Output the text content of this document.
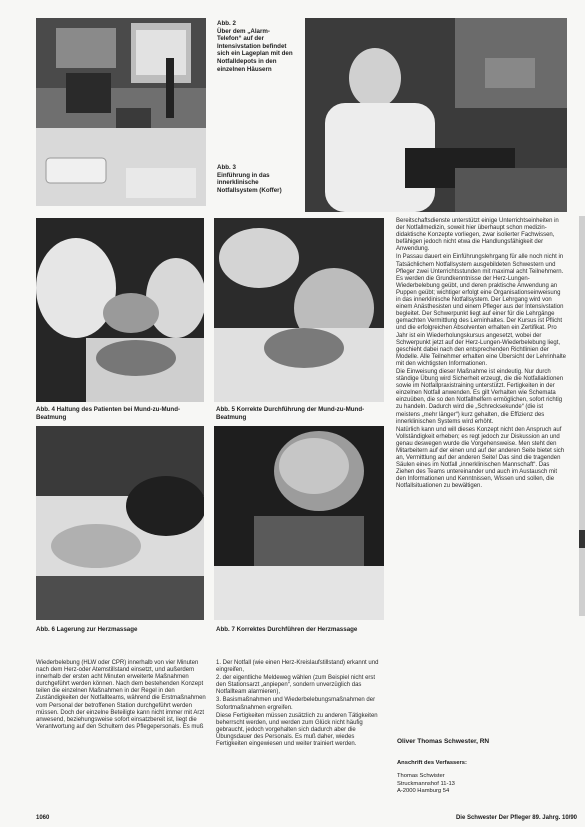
Abb. 2
Über dem „Alarm-Telefon“ auf der Intensivstation befindet sich ein Lageplan mit den Notfalldepots in den einzelnen Häusern
Abb. 3
Einführung in das innerklinische Notfallsystem (Koffer)
Abb. 4 Haltung des Patienten bei Mund-zu-Mund-Beatmung
Abb. 5 Korrekte Durchführung der Mund-zu-Mund-Beatmung
Abb. 6 Lagerung zur Herzmassage	Abb. 7 Korrektes Durchführen der Herzmassage

Bereitschaftsdienste unterstützt einige Unterrichtseinheiten in der Notfallmedizin, soweit hier überhaupt schon medizin-didaktische Konzepte vorliegen, zwar isolierter Fachwissen, befähigen jedoch nicht etwa die Handlungsfähigkeit der Anwendung.

In Passau dauert ein Einführungslehrgang für alle noch nicht in Tatsächlichem Notfallsystem ausgebildeten Schwestern und Pfleger zwei Unterrichtsstunden mit maximal acht Teilnehmern. Es werden die Grundkenntnisse der Herz-Lungen-Wiederbelebung geübt, und deren praktische Anwendung an Puppen geübt; wichtiger erfolgt eine Organisationseinweisung in das innerklinische Notfallsystem. Der Lehrgang wird von einem Anästhesisten und einem Pfleger aus der Intensivstation begleitet. Der Schwerpunkt liegt auf einer für die Lehrgänge gemachten Vermittlung des Lerninhaltes. Der Kursus ist Pflicht und die erfolgreichen Absolventen erhalten ein Zertifikat. Pro Jahr ist ein Wiederholungskursus angesetzt, wobei der Schwerpunkt jetzt auf der Herz-Lungen-Wiederbelebung liegt, geschieht dabei nach den entsprechenden Richtlinien der Modelle. Alle Teilnehmer erhalten eine Übersicht der Lehrinhalte mit den wichtigsten Informationen.

Die Einweisung dieser Maßnahme ist eindeutig. Nur durch ständige Übung wird Sicherheit erzeugt, die die Notfallaktionen sowie im Notfallpraxistraining unterstützt. Fertigkeiten in der einzelnen Notfall anwenden. Es gilt Verhalten wie Schemata einzuüben, die so den Notfallhelfern ermöglichen, sofort richtig zu handeln. Dadurch wird die „Schrecksekunde“ (die ist meistens „mehr länger“) kurz gehalten, die Effizienz des innerklinischen Systems wird erhöht.

Natürlich kann und will dieses Konzept nicht den Anspruch auf Vollständigkeit erheben; es regt jedoch zur Diskussion an und genau deswegen wurde die Vorgehensweise. Men steht den Mitarbeitern auf der einen und auf der anderen Seite bietet sich an, Vermittlung auf der anderen Seite! Das sind die tragenden Säulen eines im Notfall „innerklinischen Mannschaft“. Das Ziehen des Teams untereinander und auch im Austausch mit den Informationen und Kenntnissen, Wissen und sollen, die Notfallsituationen zu bewältigen.

Wiederbelebung (HLW oder CPR) innerhalb von vier Minuten nach dem Herz-oder Atemstillstand einsetzt, und außerdem innerhalb der ersten acht Minuten erweiterte Maßnahmen durchgeführt werden können. Nach dem bestehenden Konzept teilen die einzelnen Maßnahmen in der Regel in den Zuständigkeiten der Notfallteams, während die Erstmaßnahmen vom Personal der betroffenen Station durchgeführt werden müssen. Doch der einzelne Beteiligte kann nicht immer mit Arzt anwesend, beziehungsweise sofort einsatzbereit ist, liegt die Verantwortung auf den Schultern des Pflegepersonals. Es muß

1. Der Notfall (wie einen Herz-Kreislaufstillstand) erkannt und eingreifen,

2. der eigentliche Meldeweg wählen (zum Beispiel nicht erst den Stationsarzt „anpiepen“, sondern unverzüglich das Notfallteam alarmieren),

3. Basismaßnahmen und Wiederbelebungsmaßnahmen der Sofortmaßnahmen ergreifen.

Diese Fertigkeiten müssen zusätzlich zu anderen Tätigkeiten beherrscht werden, und werden zum Glück nicht häufig gebraucht, jedoch vorgehalten sich dadurch aber die Übungsdauer des Personals. Es muß daher, wiedes Fertigkeiten eingewiesen und weiter trainiert werden.	Oliver Thomas Schwester, RN
Anschrift des Verfassers:
Thomas Schwister
Struckmannshof 11-13
A-2000 Hamburg 54
1060	Die Schwester Der Pfleger 89. Jahrg. 10/90
